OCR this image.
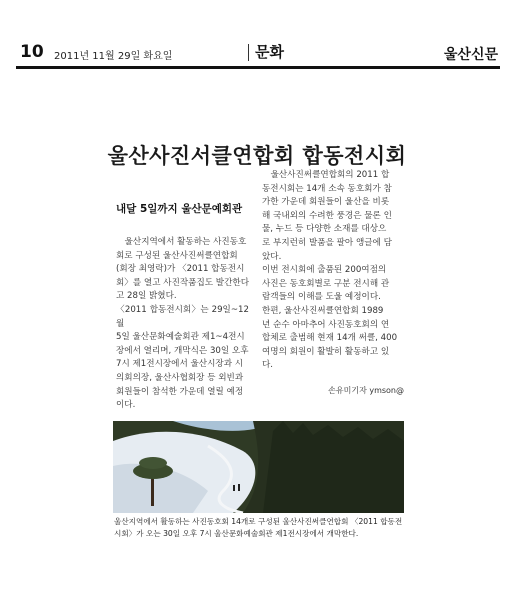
10 2011년 11월 29일 화요일	문화	울산신문
울산사진서클연합회 합동전시회
내달 5일까지 울산문예회관

울산지역에서 활동하는 사진동호
회로 구성된 울산사진써클연합회
(회장 최영락)가 〈2011 합동전시
회〉를 열고 사진작품집도 발간한다
고 28일 밝혔다.
〈2011 합동전시회〉는 29일~12월
5일 울산문화예술회관 제1~4전시
장에서 열리며, 개막식은 30일 오후
7시 제1전시장에서 울산시장과 시
의회의장, 울산사협회장 등 외빈과
회원들이 참석한 가운데 열릴 예정
이다.

울산사진써클연합회의 2011 합
동전시회는 14개 소속 동호회가 참
가한 가운데 회원들이 울산을 비롯
해 국내외의 수려한 풍경은 물론 인
물, 누드 등 다양한 소재를 대상으
로 부지런히 발품을 팔아 앵글에 담
았다.
이번 전시회에 출품된 200여점의
사진은 동호회별로 구분 전시해 관
람객들의 이해를 도울 예정이다.
한편, 울산사진써클연합회 1989
년 순수 아마추어 사진동호회의 연
합체로 출범해 현재 14개 써클, 400
여명의 회원이 활발히 활동하고 있
다.

손유미기자 ymson@
울산지역에서 활동하는 사진동호회 14개로 구성된 울산사진써클연합회 〈2011 합동전시회〉가 오는 30일 오후 7시 울산문화예술회관 제1전시장에서 개막한다.
